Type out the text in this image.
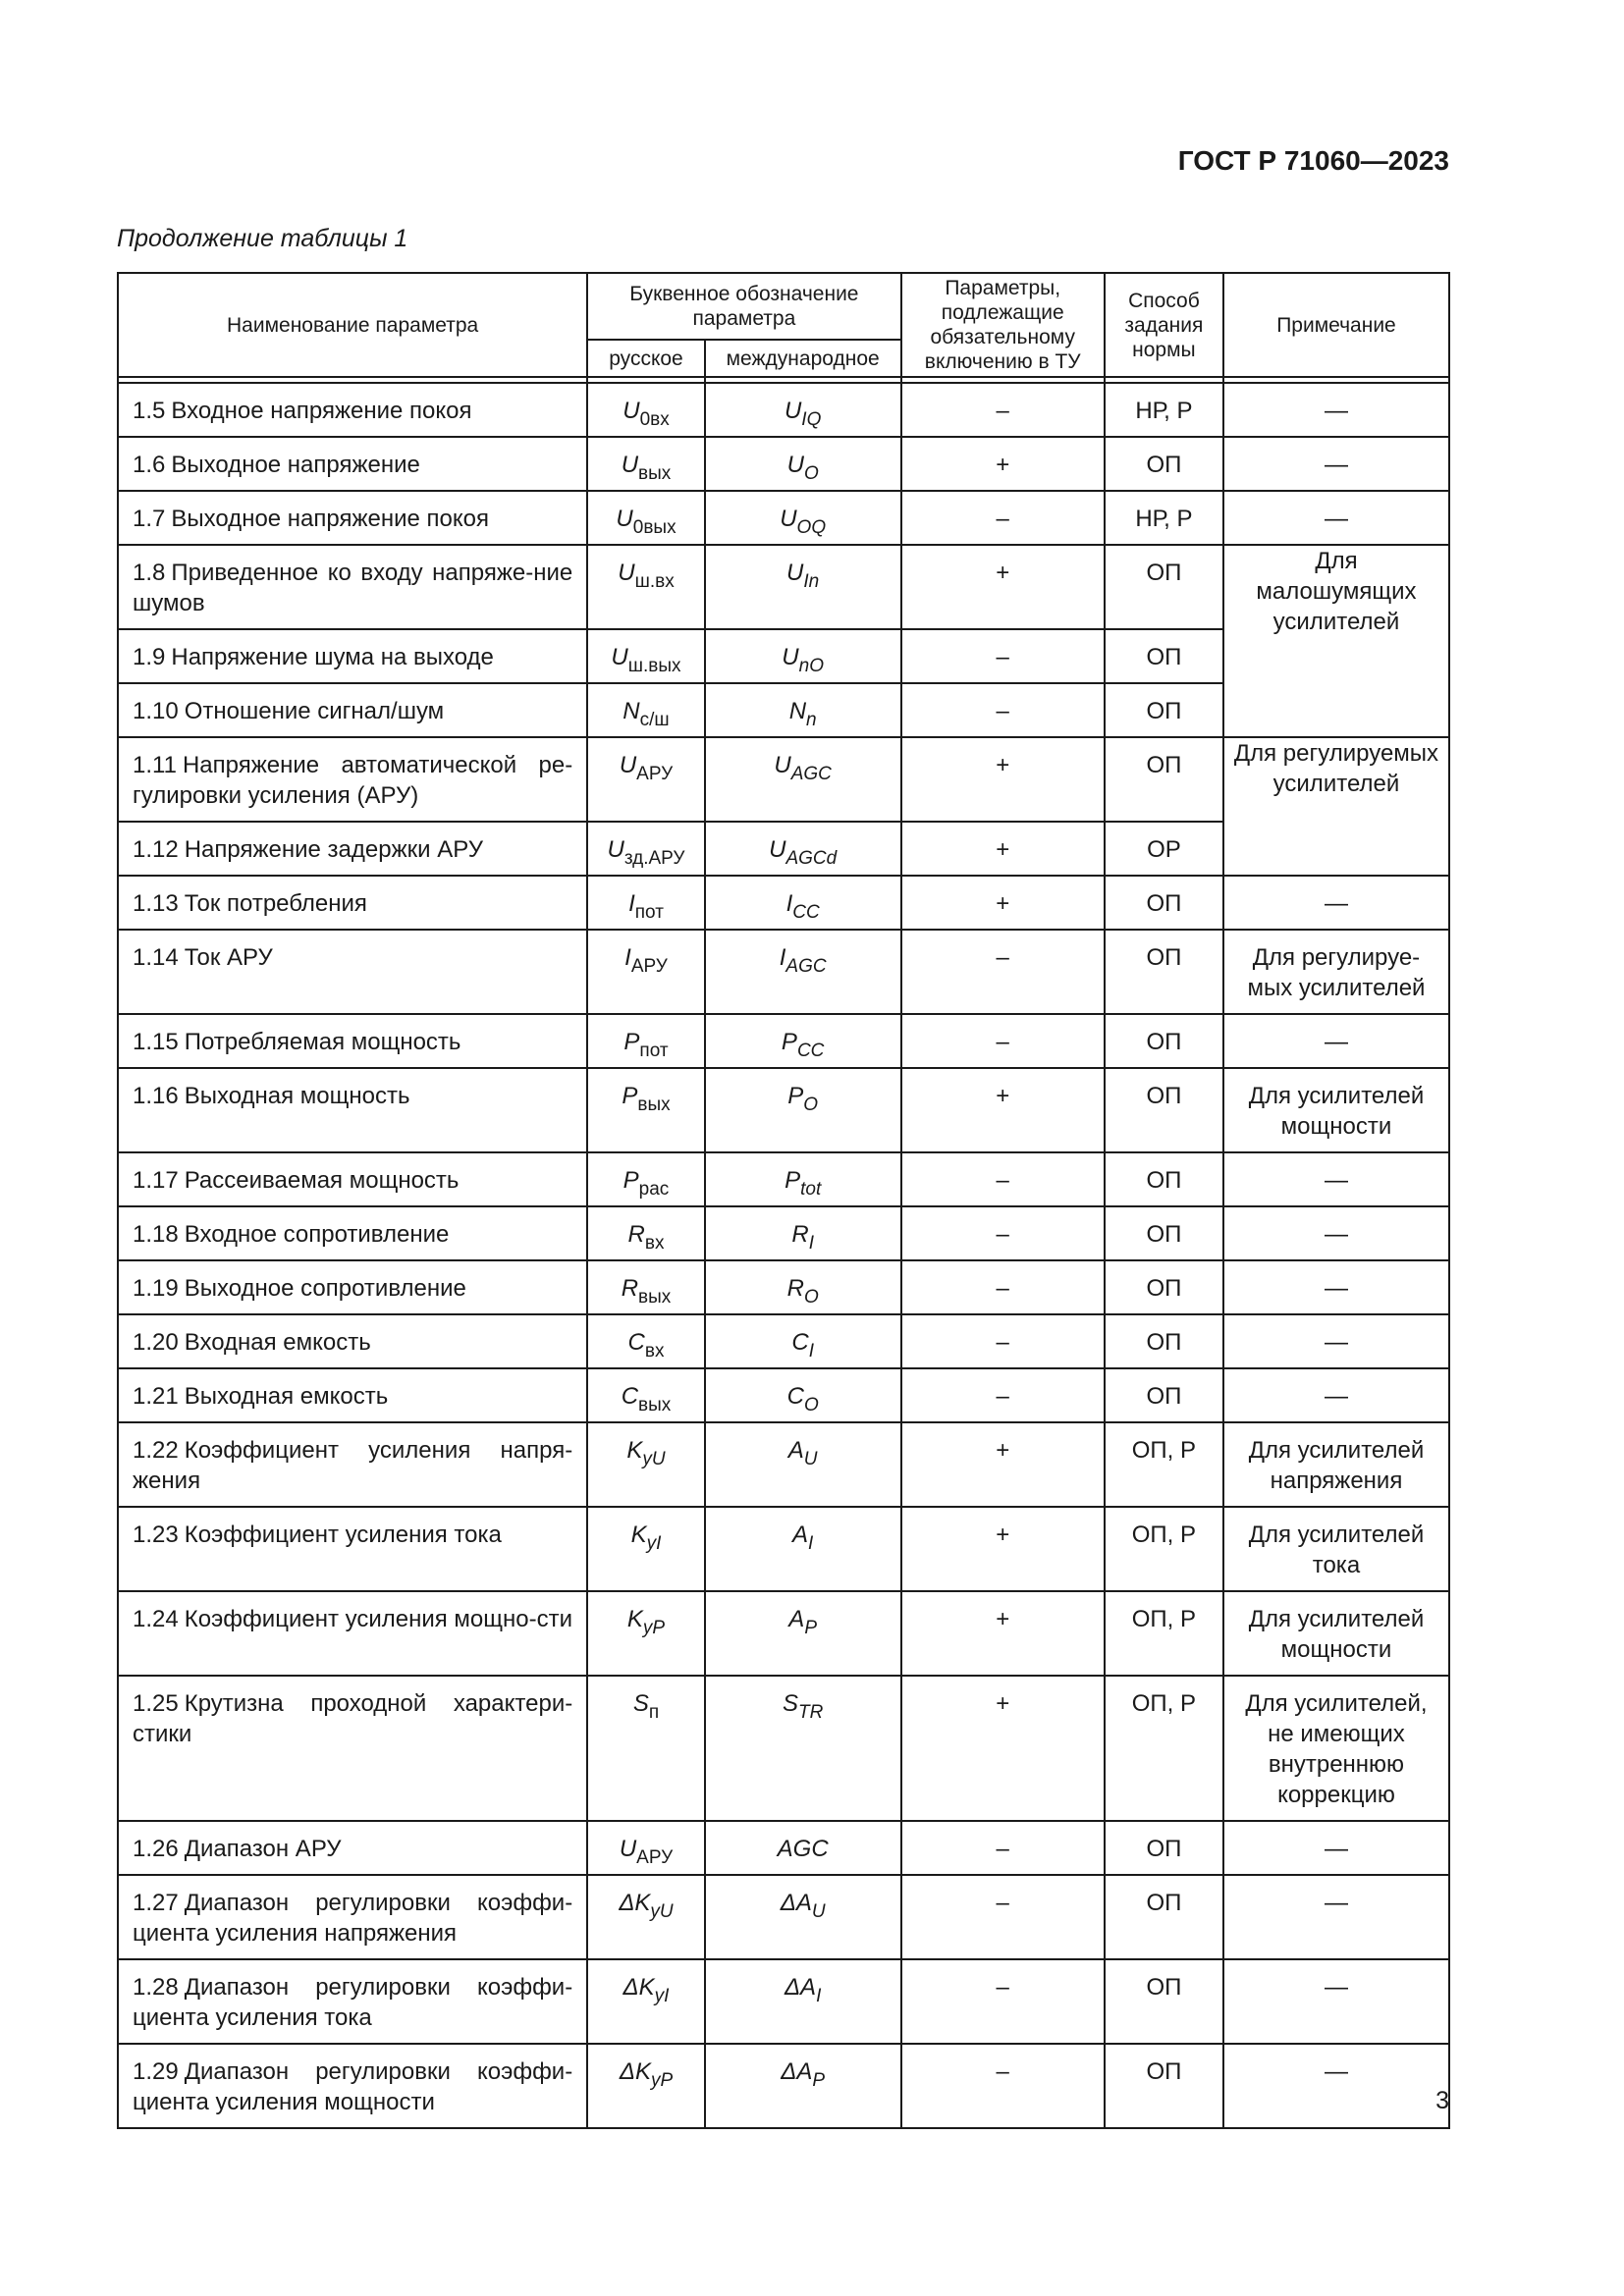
ГОСТ Р 71060—2023
Продолжение таблицы 1
Наименование параметра	Буквенное обозначение параметра		Параметры, подлежащие обязательному включению в ТУ	Способ задания нормы	Примечание
	русское	международное			

1.5 Входное напряжение покоя	$U_{0вх}$	$U_{IQ}$	–	НР, Р	—
1.6 Выходное напряжение	$U_{вых}$	$U_O$	+	ОП	—
1.7 Выходное напряжение покоя	$U_{0вых}$	$U_{OQ}$	–	НР, Р	—
1.8 Приведенное ко входу напряже-ние шумов	$U_{ш.вх}$	$U_{In}$	+	ОП	Для малошумящих усилителей
1.9 Напряжение шума на выходе	$U_{ш.вых}$	$U_{nO}$	–	ОП	
1.10 Отношение сигнал/шум	$N_{с/ш}$	$N_n$	–	ОП	
1.11 Напряжение автоматической ре-гулировки усиления (АРУ)	$U_{АРУ}$	$U_{AGC}$	+	ОП	Для регулируемых усилителей
1.12 Напряжение задержки АРУ	$U_{зд.АРУ}$	$U_{AGCd}$	+	ОР	
1.13 Ток потребления	$I_{пот}$	$I_{CC}$	+	ОП	—
1.14 Ток АРУ	$I_{АРУ}$	$I_{AGC}$	–	ОП	Для регулируе-мых усилителей
1.15 Потребляемая мощность	$P_{пот}$	$P_{CC}$	–	ОП	—
1.16 Выходная мощность	$P_{вых}$	$P_O$	+	ОП	Для усилителей мощности
1.17 Рассеиваемая мощность	$P_{рас}$	$P_{tot}$	–	ОП	—
1.18 Входное сопротивление	$R_{вх}$	$R_I$	–	ОП	—
1.19 Выходное сопротивление	$R_{вых}$	$R_O$	–	ОП	—
1.20 Входная емкость	$C_{вх}$	$C_I$	–	ОП	—
1.21 Выходная емкость	$C_{вых}$	$C_O$	–	ОП	—
1.22 Коэффициент усиления напря-жения	$K_{уU}$	$A_U$	+	ОП, Р	Для усилителей напряжения
1.23 Коэффициент усиления тока	$K_{уI}$	$A_I$	+	ОП, Р	Для усилителей тока
1.24 Коэффициент усиления мощно-сти	$K_{уP}$	$A_P$	+	ОП, Р	Для усилителей мощности
1.25 Крутизна проходной характери-стики	$S_п$	$S_{TR}$	+	ОП, Р	Для усилителей, не имеющих внутреннюю коррекцию
1.26 Диапазон АРУ	$U_{АРУ}$	AGC	–	ОП	—
1.27 Диапазон регулировки коэффи-циента усиления напряжения	$\Delta K_{уU}$	$\Delta A_U$	–	ОП	—
1.28 Диапазон регулировки коэффи-циента усиления тока	$\Delta K_{уI}$	$\Delta A_I$	–	ОП	—
1.29 Диапазон регулировки коэффи-циента усиления мощности	$\Delta K_{уP}$	$\Delta A_P$	–	ОП	—
3
